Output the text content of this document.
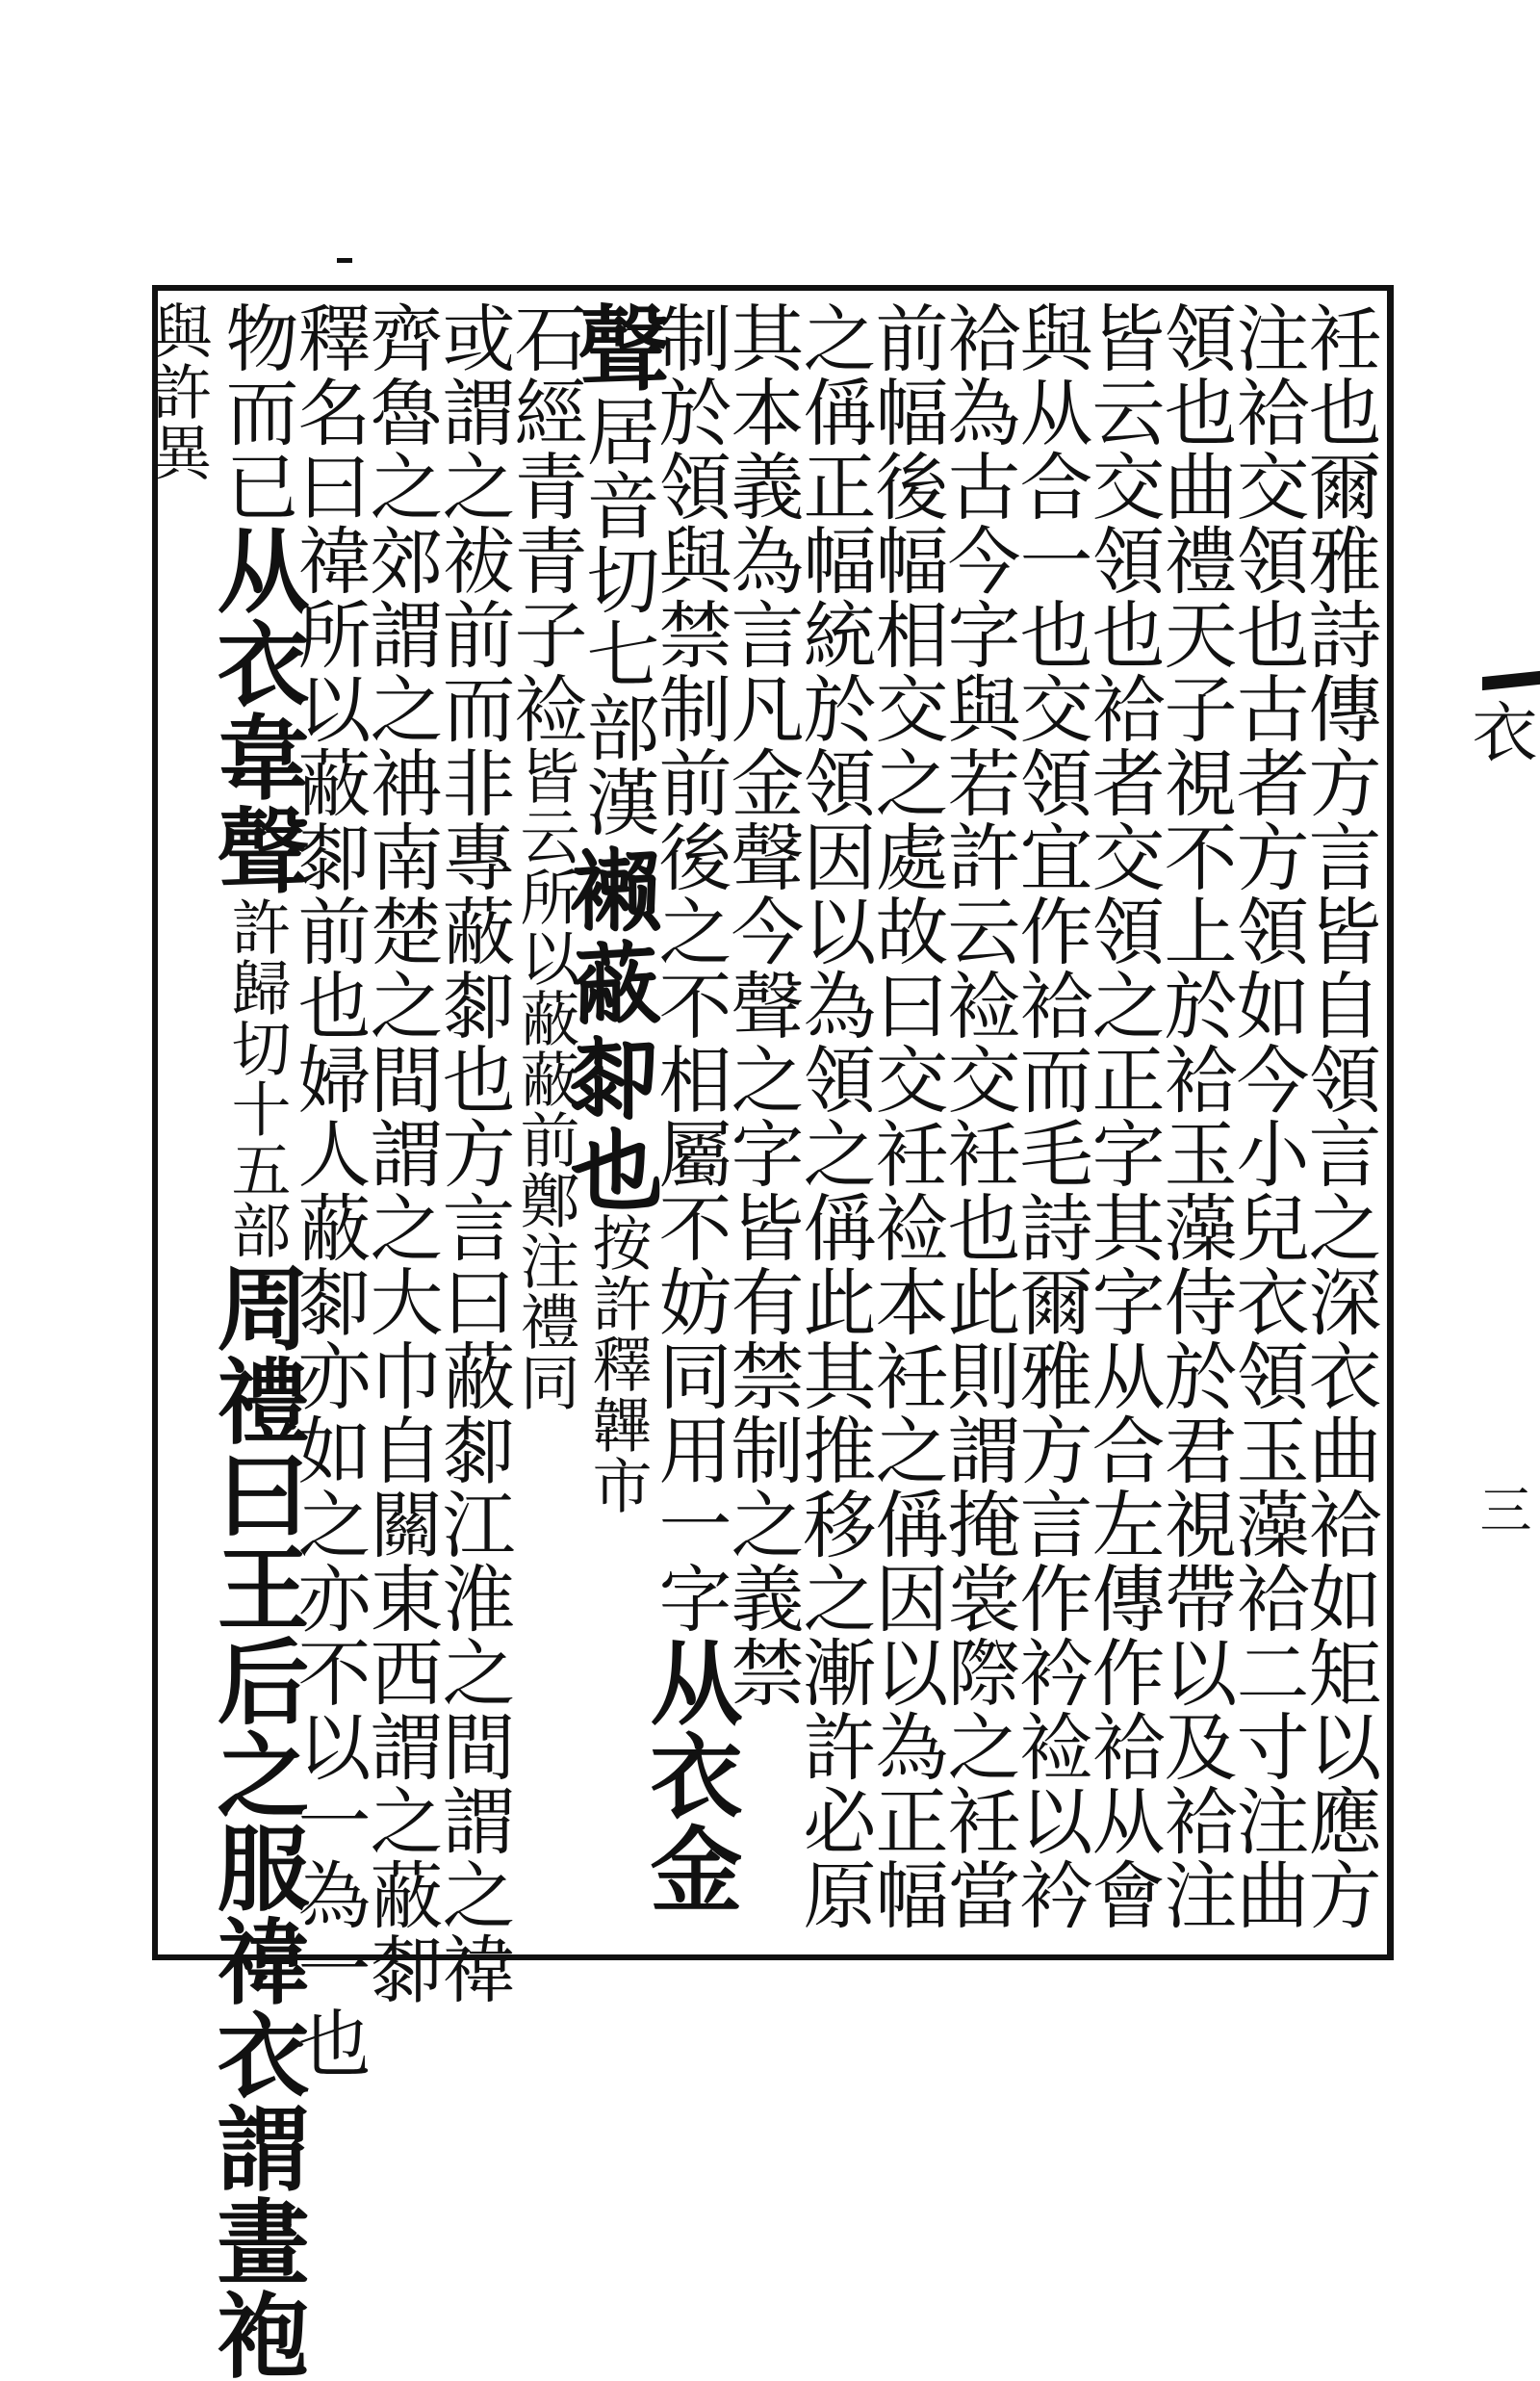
衽也爾雅詩傳方言皆自領言之深衣曲袷如矩以應方
注袷交領也古者方領如今小兒衣領玉藻袷二寸注曲
領也曲禮天子視不上於袷玉藻侍於君視帶以及袷注
皆云交領也袷者交領之正字其字从合左傳作袷从會
與从合一也交領宜作袷而毛詩爾雅方言作衿裣以衿
袷為古今字與若許云裣交衽也此則謂掩裳際之衽當
前幅後幅相交之處故曰交衽裣本衽之偁因以為正幅
之偁正幅統於領因以為領之偁此其推移之漸許必原
其本義為言凡金聲今聲之字皆有禁制之義禁
制於領與禁制前後之不相屬不妨同用一字从衣金
聲居音切七部漢𧝝蔽厀也按許釋韠市
石經青青子裣皆云所以蔽蔽前鄭注禮同
或謂之袚前而非專蔽厀也方言曰蔽厀江淮之間謂之禕
齊魯之郊謂之袡南楚之間謂之大巾自關東西謂之蔽厀
釋名曰禕所以蔽厀前也婦人蔽厀亦如之亦不以一為一也
物而已从衣韋聲許歸切十五部周禮曰王后之服禕衣謂畫袍
與許異
衣
三
